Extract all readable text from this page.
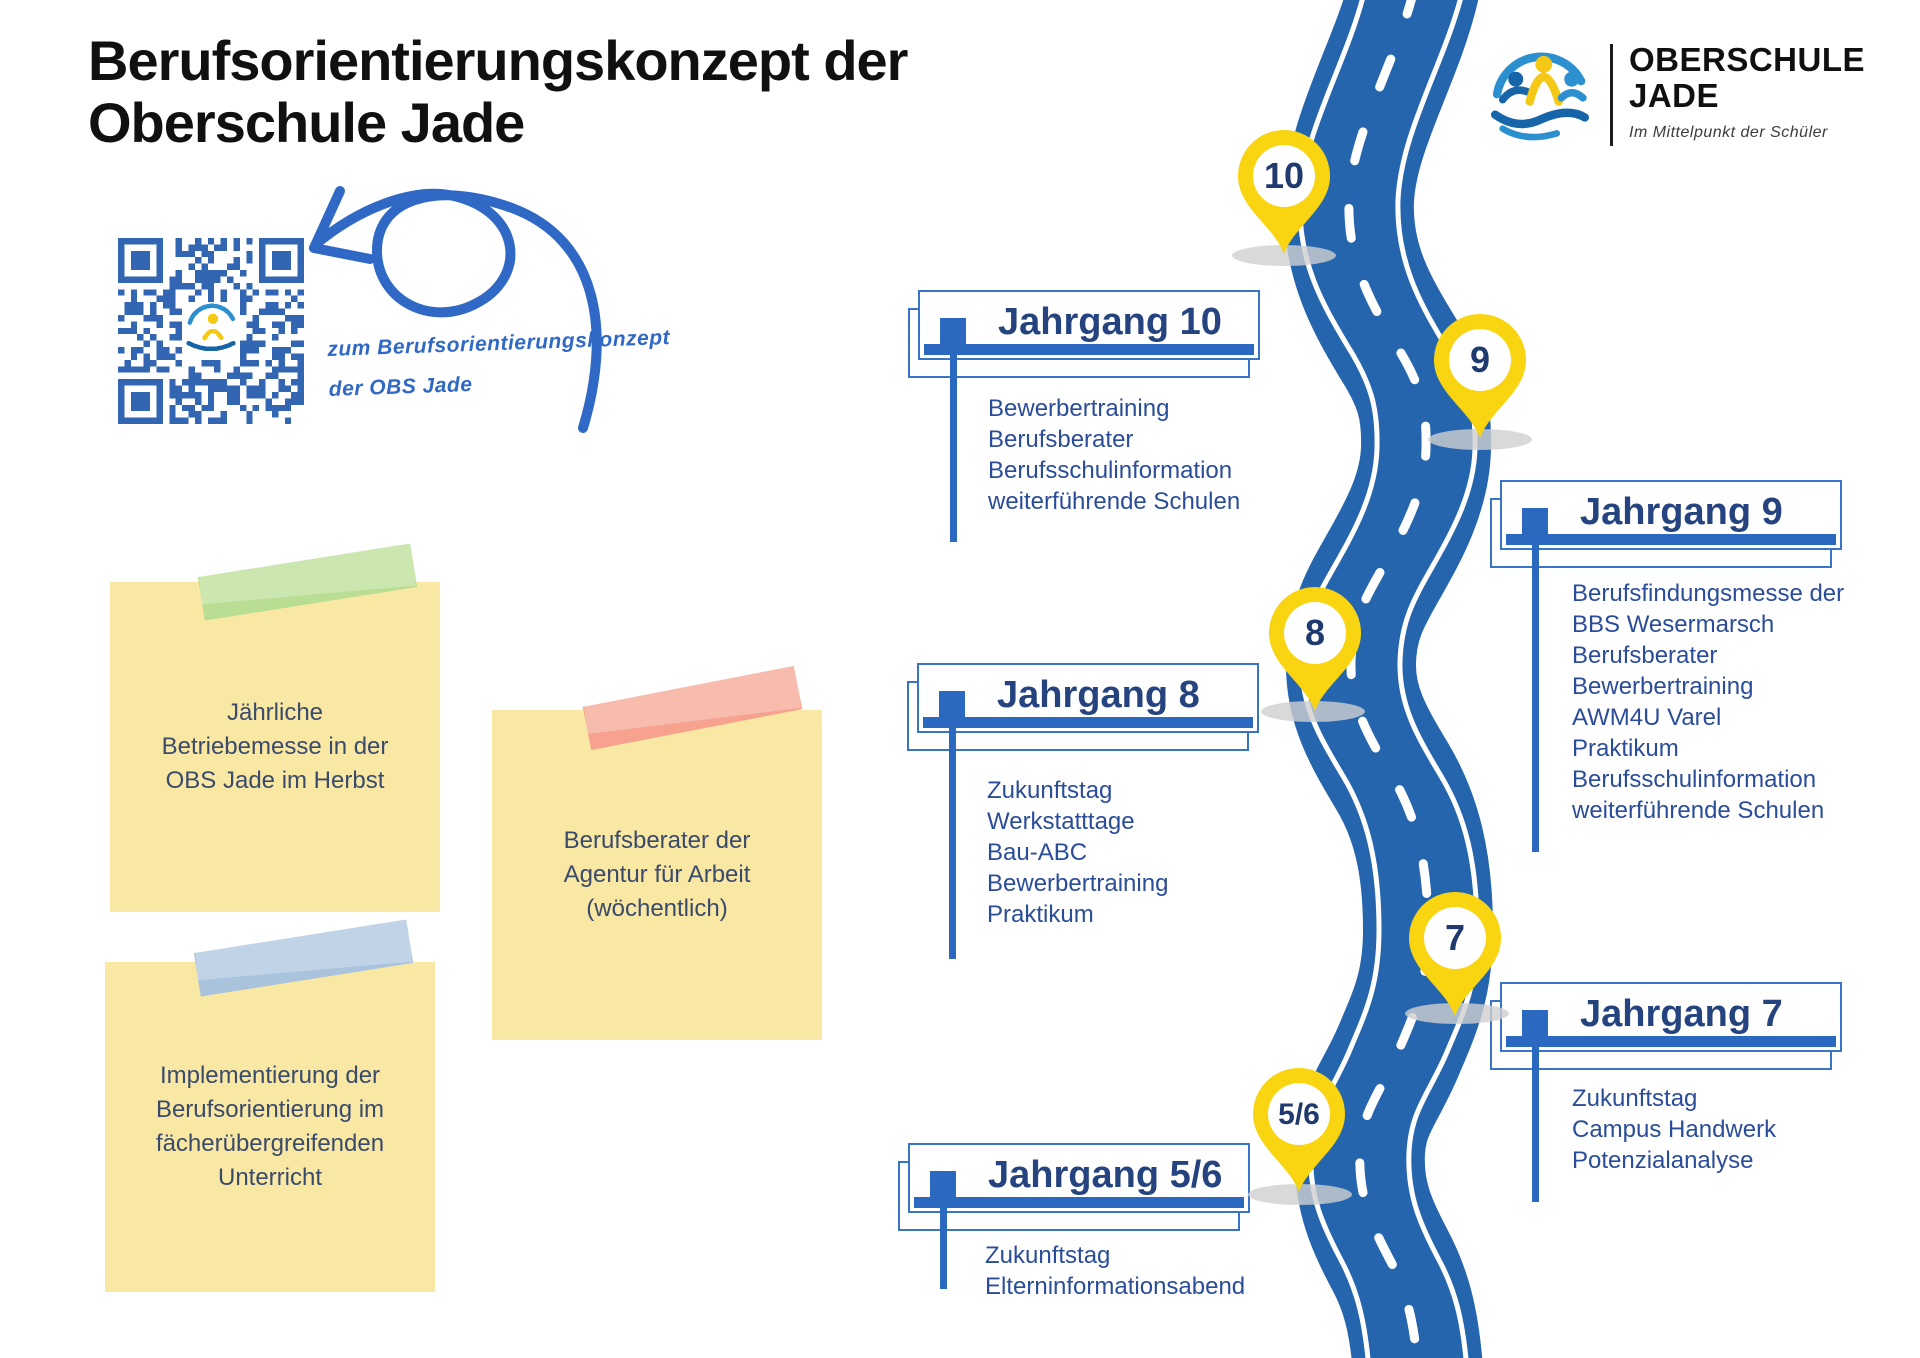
Berufsorientierungskonzept der
Oberschule Jade
OBERSCHULE
JADE
Im Mittelpunkt der Schüler
zum Berufsorientierungskonzept
der OBS Jade
Jährliche Betriebemesse in der OBS Jade im Herbst
Berufsberater der Agentur für Arbeit (wöchentlich)
Implementierung der Berufsorientierung im fächerübergreifenden Unterricht
Jahrgang 10
Bewerbertraining
Berufsberater
Berufsschulinformation
weiterführende Schulen	Jahrgang 9
Berufsfindungsmesse der
BBS Wesermarsch
Berufsberater
Bewerbertraining
AWM4U Varel
Praktikum
Berufsschulinformation
weiterführende Schulen
Jahrgang 8
Zukunftstag
Werkstatttage
Bau-ABC
Bewerbertraining
Praktikum
Jahrgang 7
Zukunftstag
Campus Handwerk
Potenzialanalyse
Jahrgang 5/6
Zukunftstag
Elterninformationsabend
10
9
8
7
5/6
